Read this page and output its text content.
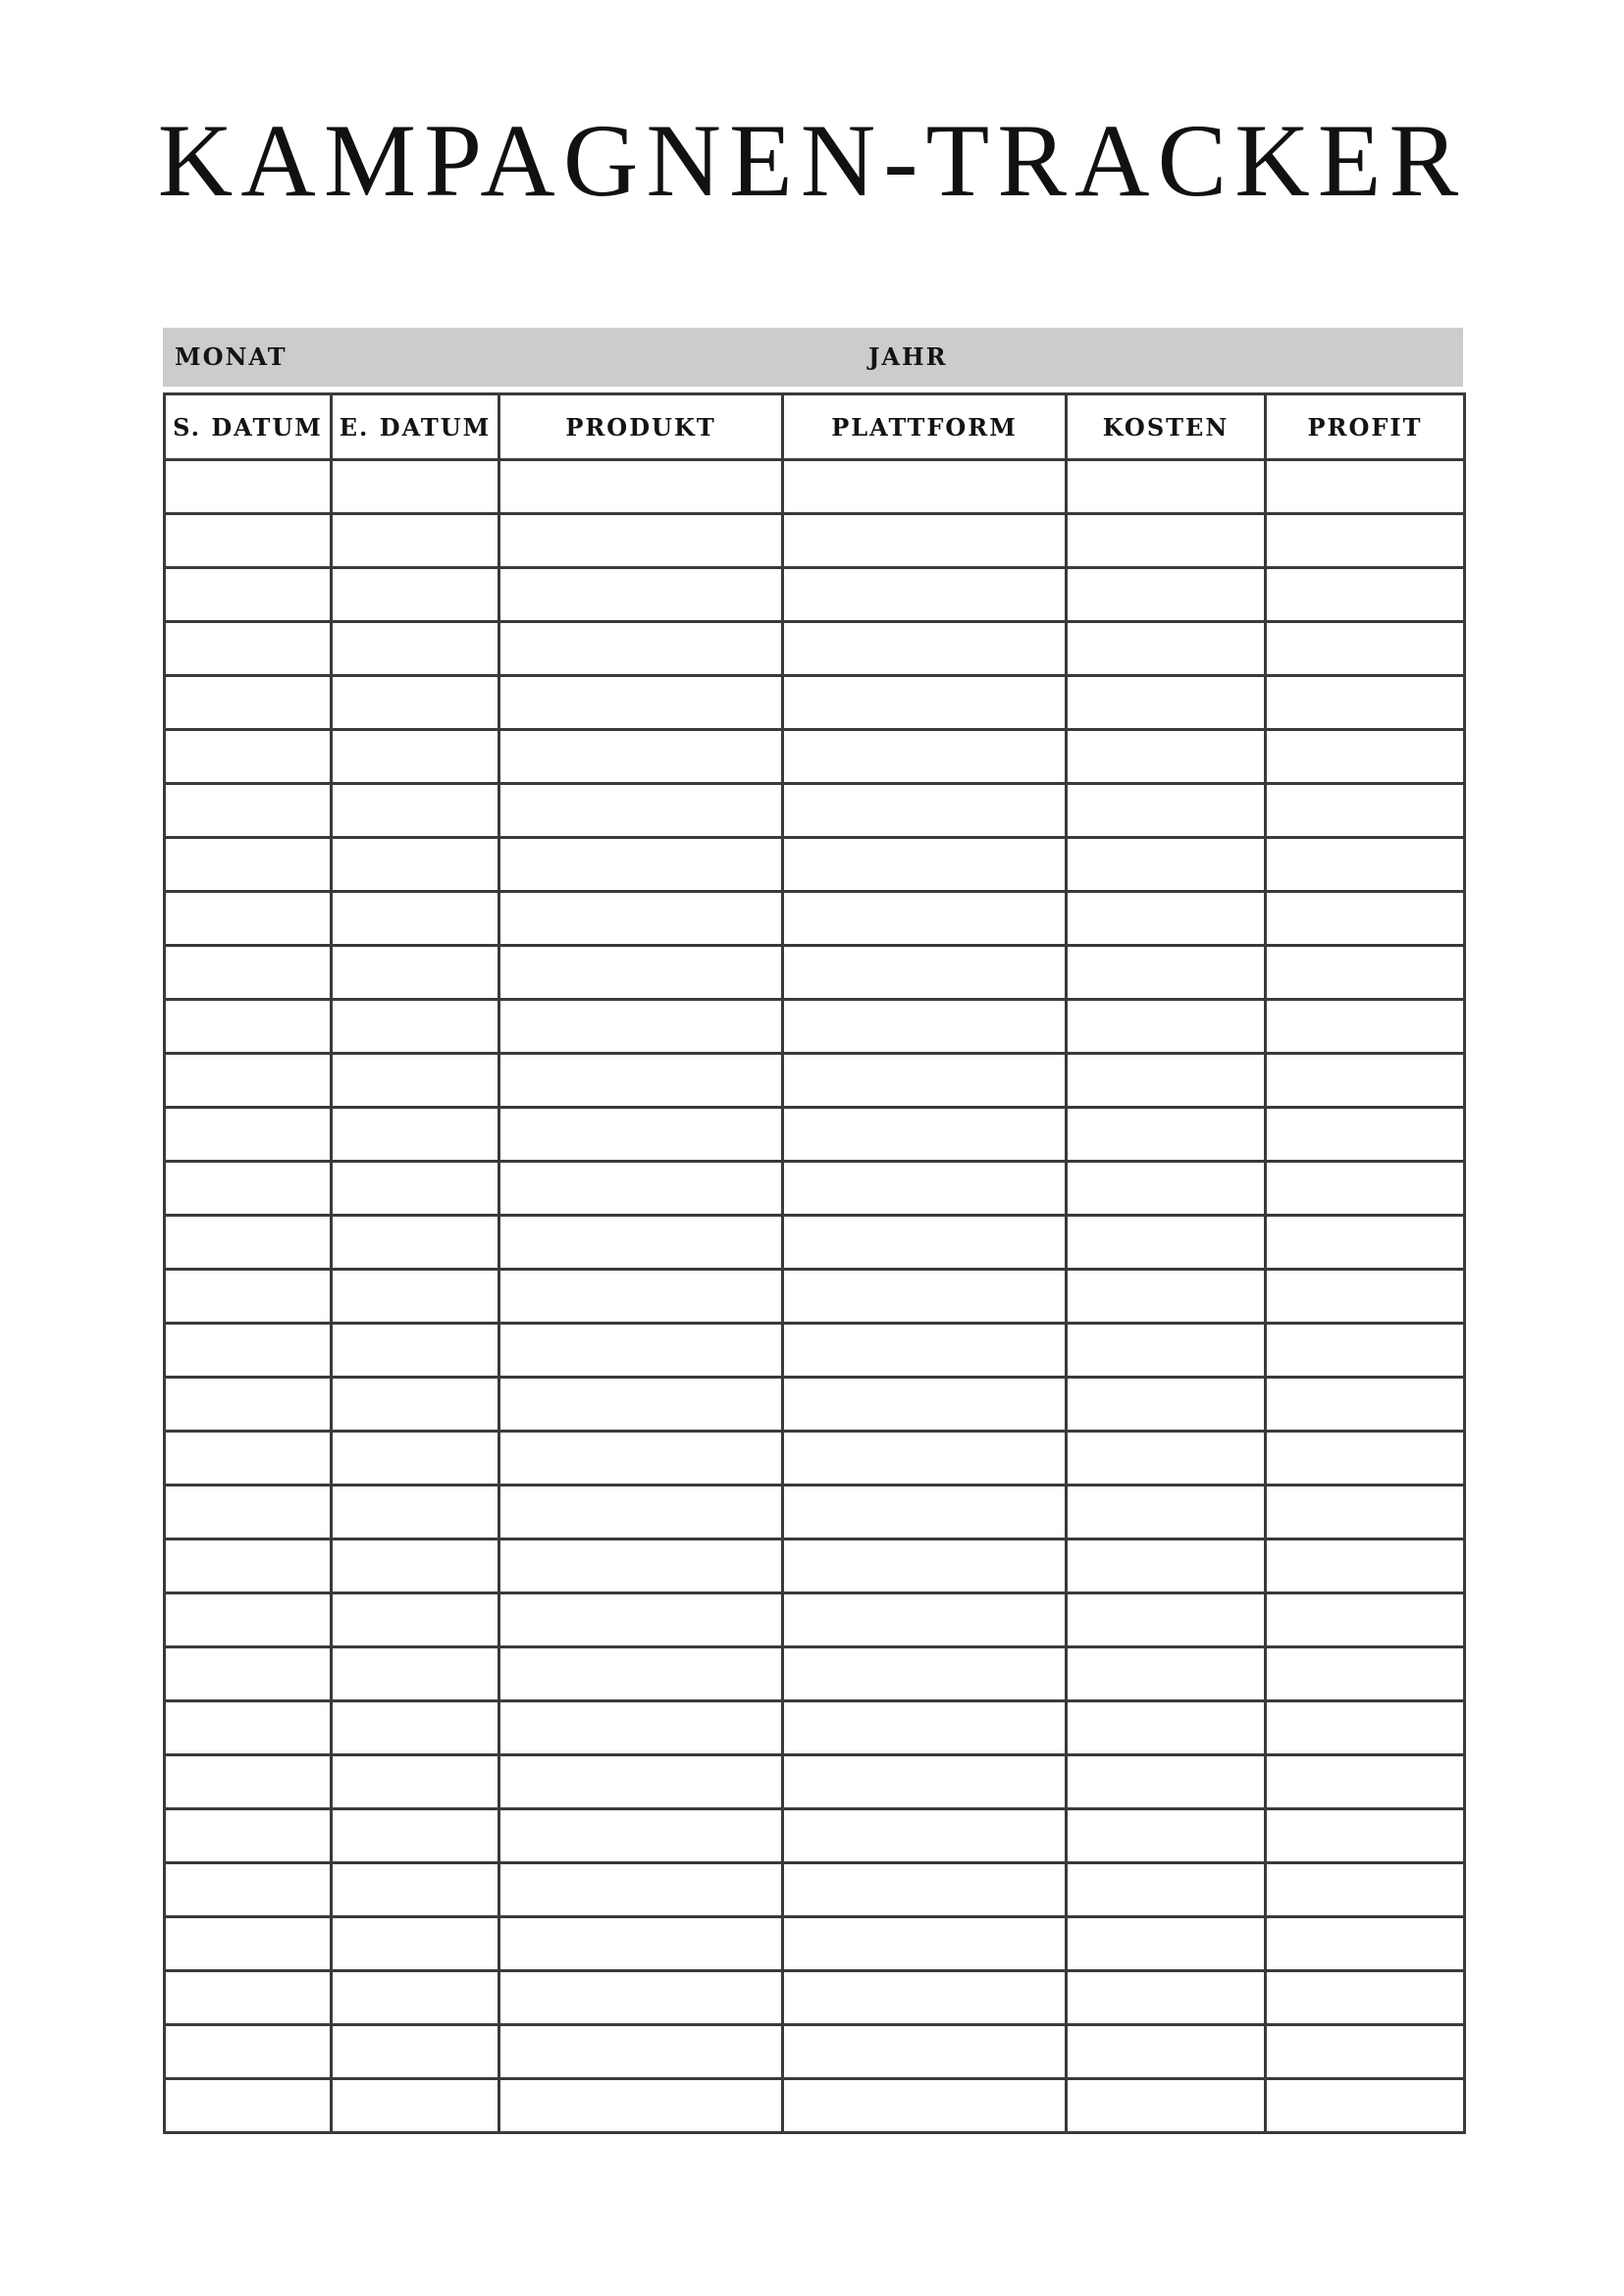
KAMPAGNEN-TRACKER
MONAT	JAHR
S. DATUM	E. DATUM	PRODUKT	PLATTFORM	KOSTEN	PROFIT
